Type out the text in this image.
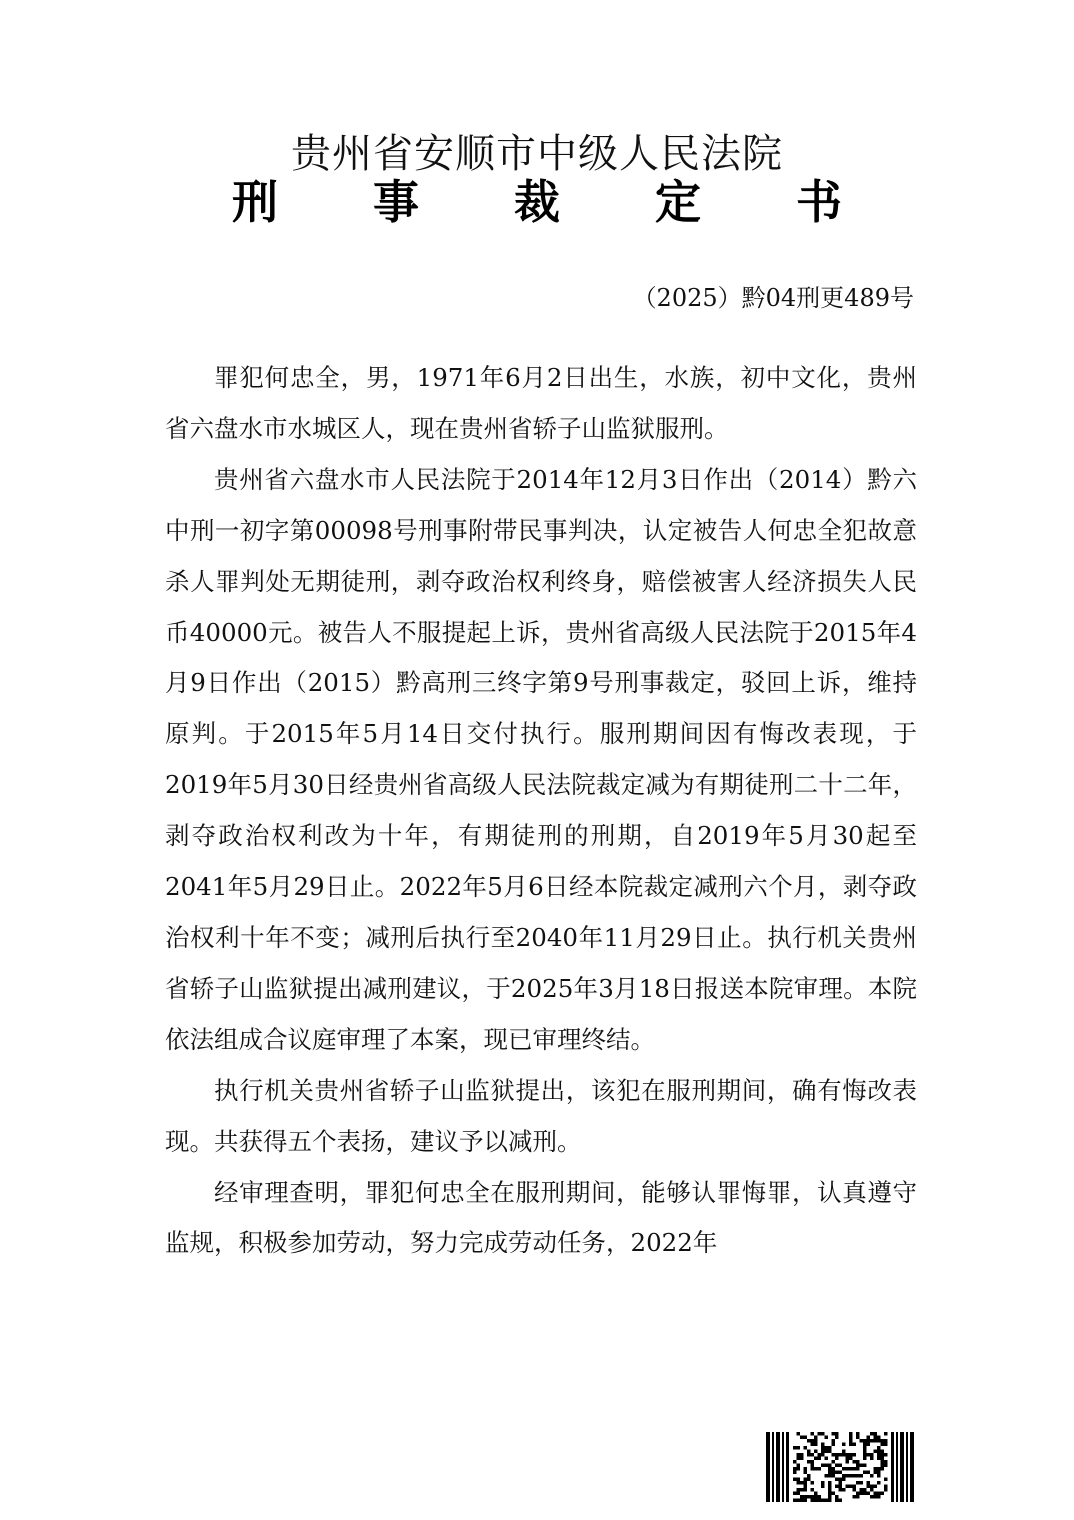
贵州省安顺市中级人民法院
刑 事 裁 定 书
（2025）黔04刑更489号

罪犯何忠全，男，1971年6月2日出生，水族，初中文化，贵州省六盘水市水城区人，现在贵州省轿子山监狱服刑。

贵州省六盘水市人民法院于2014年12月3日作出（2014）黔六中刑一初字第00098号刑事附带民事判决，认定被告人何忠全犯故意杀人罪判处无期徒刑，剥夺政治权利终身，赔偿被害人经济损失人民币40000元。被告人不服提起上诉，贵州省高级人民法院于2015年4月9日作出（2015）黔高刑三终字第9号刑事裁定，驳回上诉，维持原判。于2015年5月14日交付执行。服刑期间因有悔改表现，于2019年5月30日经贵州省高级人民法院裁定减为有期徒刑二十二年，剥夺政治权利改为十年，有期徒刑的刑期，自2019年5月30起至2041年5月29日止。2022年5月6日经本院裁定减刑六个月，剥夺政治权利十年不变；减刑后执行至2040年11月29日止。执行机关贵州省轿子山监狱提出减刑建议，于2025年3月18日报送本院审理。本院依法组成合议庭审理了本案，现已审理终结。

执行机关贵州省轿子山监狱提出，该犯在服刑期间，确有悔改表现。共获得五个表扬，建议予以减刑。

经审理查明，罪犯何忠全在服刑期间，能够认罪悔罪，认真遵守监规，积极参加劳动，努力完成劳动任务，2022年
